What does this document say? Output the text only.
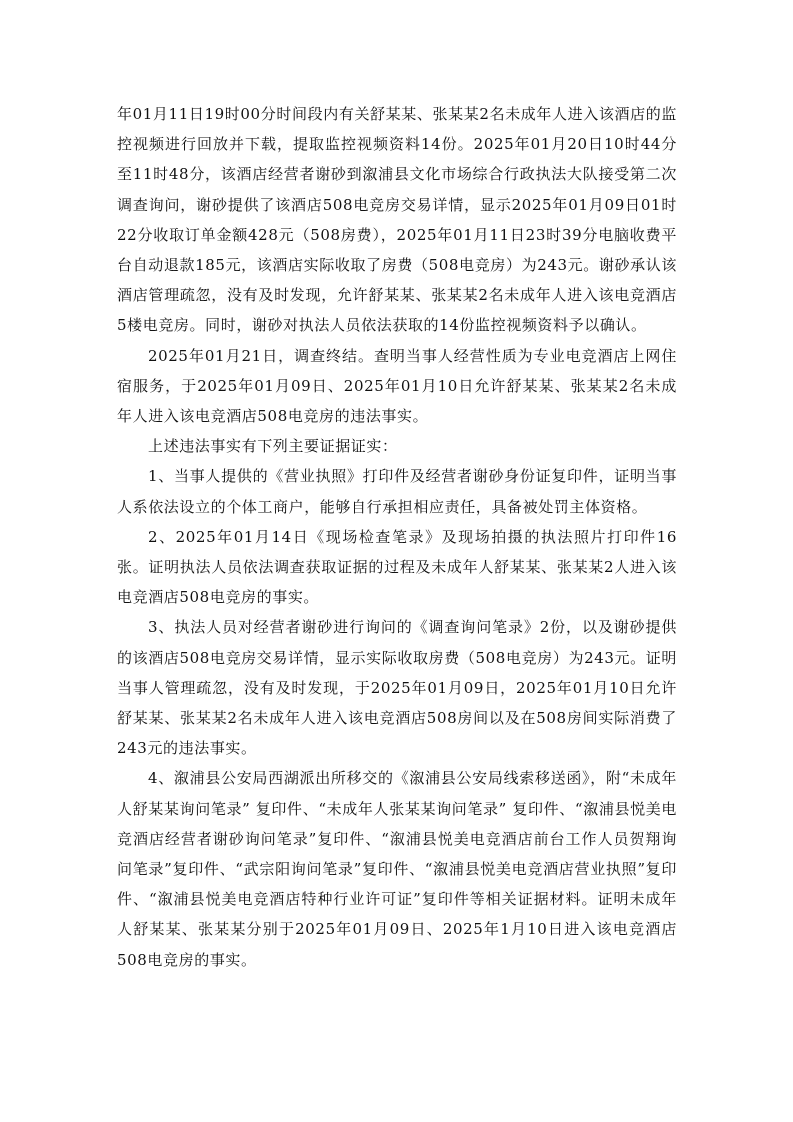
年01月11日19时00分时间段内有关舒某某、张某某2名未成年人进入该酒店的监控视频进行回放并下载，提取监控视频资料14份。2025年01月20日10时44分至11时48分，该酒店经营者谢砂到溆浦县文化市场综合行政执法大队接受第二次调查询问，谢砂提供了该酒店508电竞房交易详情，显示2025年01月09日01时22分收取订单金额428元（508房费），2025年01月11日23时39分电脑收费平台自动退款185元，该酒店实际收取了房费（508电竞房）为243元。谢砂承认该酒店管理疏忽，没有及时发现，允许舒某某、张某某2名未成年人进入该电竞酒店5楼电竞房。同时，谢砂对执法人员依法获取的14份监控视频资料予以确认。

2025年01月21日，调查终结。查明当事人经营性质为专业电竞酒店上网住宿服务，于2025年01月09日、2025年01月10日允许舒某某、张某某2名未成年人进入该电竞酒店508电竞房的违法事实。

上述违法事实有下列主要证据证实：

1、当事人提供的《营业执照》打印件及经营者谢砂身份证复印件，证明当事人系依法设立的个体工商户，能够自行承担相应责任，具备被处罚主体资格。

2、2025年01月14日《现场检查笔录》及现场拍摄的执法照片打印件16张。证明执法人员依法调查获取证据的过程及未成年人舒某某、张某某2人进入该电竞酒店508电竞房的事实。

3、执法人员对经营者谢砂进行询问的《调查询问笔录》2份，以及谢砂提供的该酒店508电竞房交易详情，显示实际收取房费（508电竞房）为243元。证明当事人管理疏忽，没有及时发现，于2025年01月09日，2025年01月10日允许舒某某、张某某2名未成年人进入该电竞酒店508房间以及在508房间实际消费了243元的违法事实。

4、溆浦县公安局西湖派出所移交的《溆浦县公安局线索移送函》，附“未成年人舒某某询问笔录” 复印件、“未成年人张某某询问笔录” 复印件、“溆浦县悦美电竞酒店经营者谢砂询问笔录”复印件、“溆浦县悦美电竞酒店前台工作人员贺翔询问笔录”复印件、“武宗阳询问笔录”复印件、“溆浦县悦美电竞酒店营业执照”复印件、“溆浦县悦美电竞酒店特种行业许可证”复印件等相关证据材料。证明未成年人舒某某、张某某分别于2025年01月09日、2025年1月10日进入该电竞酒店508电竞房的事实。
